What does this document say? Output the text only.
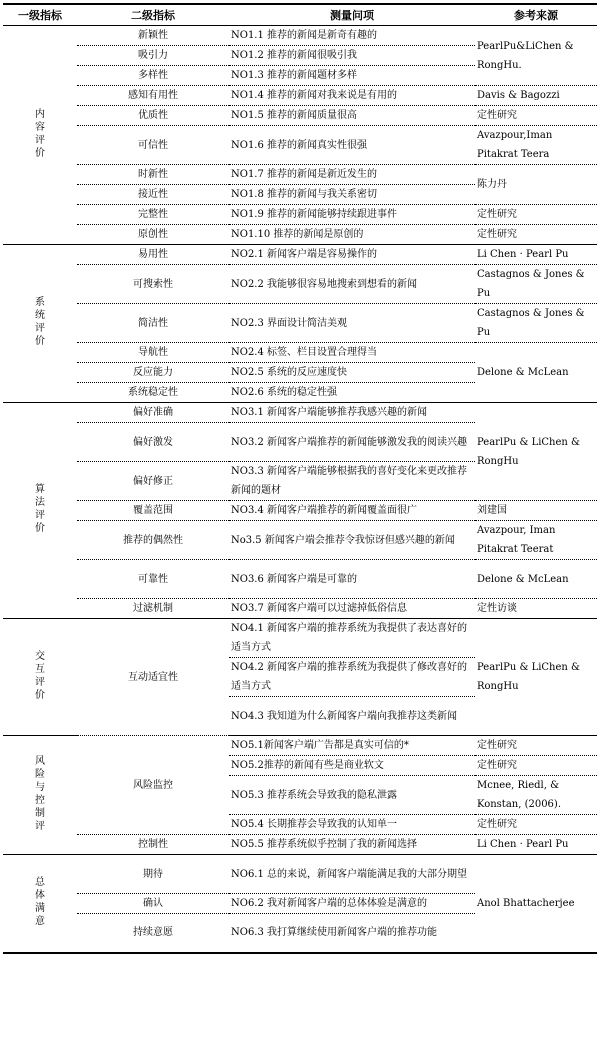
一级指标	二级指标	测量问项	参考来源
内容评价	新颖性	NO1.1 推荐的新闻是新奇有趣的	PearlPu&LiChen & RongHu.
	吸引力	NO1.2 推荐的新闻很吸引我	
	多样性	NO1.3 推荐的新闻题材多样	
	感知有用性	NO1.4 推荐的新闻对我来说是有用的	Davis & Bagozzi
	优质性	NO1.5 推荐的新闻质量很高	定性研究
	可信性	NO1.6 推荐的新闻真实性很强	Avazpour,Iman Pitakrat Teera
	时新性	NO1.7 推荐的新闻是新近发生的	陈力丹
	接近性	NO1.8 推荐的新闻与我关系密切	
	完整性	NO1.9 推荐的新闻能够持续跟进事件	定性研究
	原创性	NO1.10 推荐的新闻是原创的	定性研究
系统评价	易用性	NO2.1 新闻客户端是容易操作的	Li Chen · Pearl Pu
	可搜索性	NO2.2 我能够很容易地搜索到想看的新闻	Castagnos & Jones & Pu
	简洁性	NO2.3 界面设计简洁美观	Castagnos & Jones & Pu
	导航性	NO2.4 标签、栏目设置合理得当	Delone & McLean
	反应能力	NO2.5 系统的反应速度快	
	系统稳定性	NO2.6 系统的稳定性强	
算法评价	偏好准确	NO3.1 新闻客户端能够推荐我感兴趣的新闻	PearlPu & LiChen & RongHu
	偏好激发	NO3.2 新闻客户端推荐的新闻能够激发我的阅读兴趣	
	偏好修正	NO3.3 新闻客户端能够根据我的喜好变化来更改推荐新闻的题材	
	覆盖范围	NO3.4 新闻客户端推荐的新闻覆盖面很广	刘建国
	推荐的偶然性	No3.5 新闻客户端会推荐令我惊讶但感兴趣的新闻	Avazpour, Iman Pitakrat Teerat
	可靠性	NO3.6 新闻客户端是可靠的	Delone & McLean
	过滤机制	NO3.7 新闻客户端可以过滤掉低俗信息	定性访谈
交互评价	互动适宜性	NO4.1 新闻客户端的推荐系统为我提供了表达喜好的适当方式	PearlPu & LiChen & RongHu
		NO4.2 新闻客户端的推荐系统为我提供了修改喜好的适当方式	
		NO4.3 我知道为什么新闻客户端向我推荐这类新闻	
风险与控制评	风险监控	NO5.1新闻客户端广告都是真实可信的*	定性研究
		NO5.2推荐的新闻有些是商业软文	定性研究
		NO5.3 推荐系统会导致我的隐私泄露	Mcnee, Riedl, & Konstan, (2006).
		NO5.4 长期推荐会导致我的认知单一	定性研究
	控制性	NO5.5 推荐系统似乎控制了我的新闻选择	Li Chen · Pearl Pu
总体满意	期待	NO6.1 总的来说，新闻客户端能满足我的大部分期望	Anol Bhattacherjee
	确认	NO6.2 我对新闻客户端的总体体验是满意的	
	持续意愿	NO6.3 我打算继续使用新闻客户端的推荐功能	
